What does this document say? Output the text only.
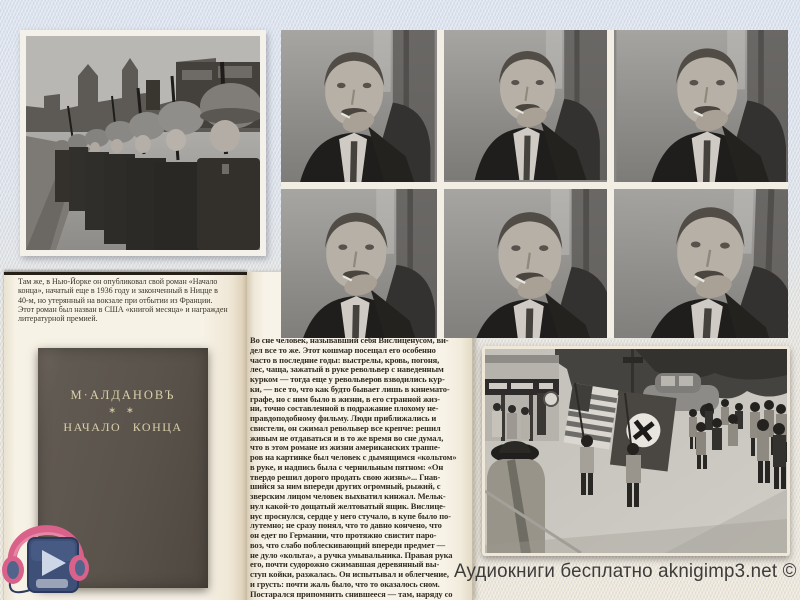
Там же, в Нью-Йорке он опубликовал свой роман «Начало
конца», начатый еще в 1936 году и законченный в Ницце в
40-м, но утерянный на вокзале при отбытии из Франции.
Этот роман был назван в США «книгой месяца» и награжден
литературной премией.
М·АЛДАНОВЪ
∗ ∗
НАЧАЛО КОНЦА
Во сне человек, называвший себя Вислиценусом, ви-
дел все то же. Этот кошмар посещал его особенно
часто в последние годы: выстрелы, кровь, погоня,
лес, чаща, зажатый в руке револьвер с наведенным
курком — тогда еще у револьверов взводились кур-
ки, — все то, что как будто бывает лишь в кинемато-
графе, но с ним было в жизни, в его странной жиз-
ни, точно составленной в подражание плохому не-
правдоподобному фильму. Люди приближались и
свистели, он сжимал револьвер все крепче: решил
живым не отдаваться и в то же время во сне думал,
что в этом романе из жизни американских траппе-
ров на картинке был человек с дымящимся «кольтом»
в руке, и надпись была с чернильным пятном: «Он
твердо решил дорого продать свою жизнь»... Гнав-
шийся за ним впереди других огромный, рыжий, с
зверским лицом человек выхватил кинжал. Мельк-
нул какой-то дощатый желтоватый ящик. Вислице-
нус проснулся, сердце у него стучало, в купе было по-
лутемно; не сразу понял, что то давно кончено, что
он едет по Германии, что протяжно свистит паро-
воз, что слабо поблескивающий впереди предмет —
не дуло «кольта», а ручка умывальника. Правая рука
его, почти судорожно сжимавшая деревянный вы-
ступ койки, разжалась. Он испытывал и облегчение,
и грусть: почти жаль было, что то оказалось сном.
Постарался припомнить снившееся — там, наряду со
Аудиокниги бесплатно aknigimp3.net ©
